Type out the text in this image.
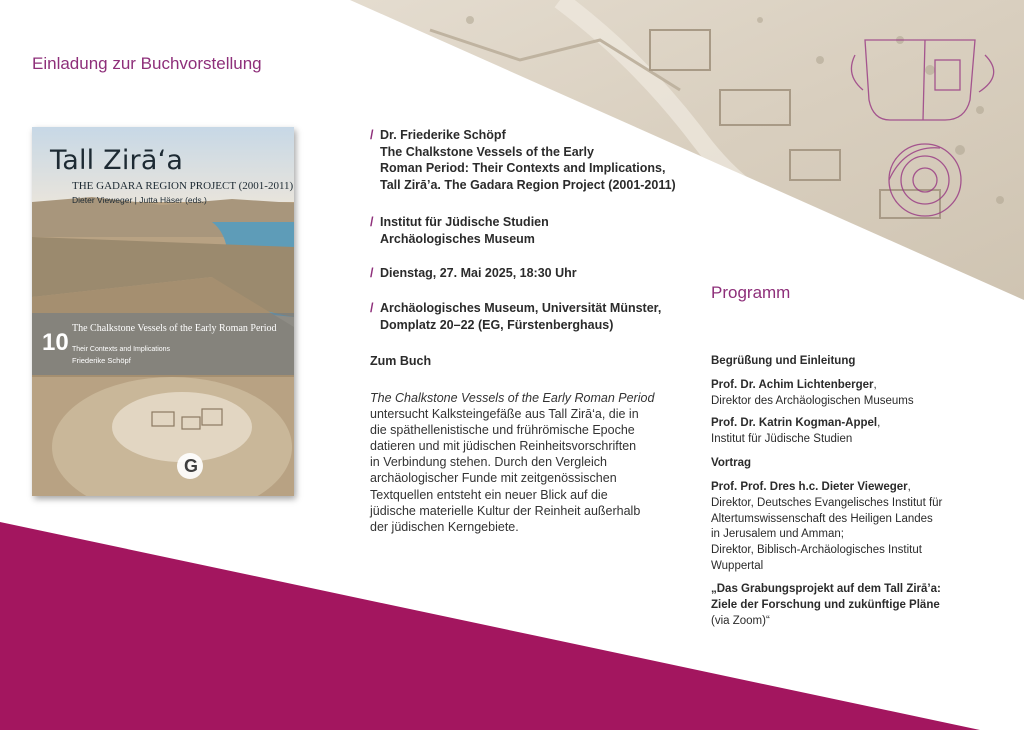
Einladung zur Buchvorstellung
Tall Zirā‘a
THE GADARA REGION PROJECT (2001-2011)
Dieter Vieweger | Jutta Häser (eds.)
10
The Chalkstone Vessels of the Early Roman Period
Their Contexts and Implications
Friederike Schöpf
G
/ Dr. Friederike Schöpf
The Chalkstone Vessels of the Early
Roman Period: Their Contexts and Implications,
Tall Zirā’a. The Gadara Region Project (2001-2011)
/ Institut für Jüdische Studien
Archäologisches Museum
/ Dienstag, 27. Mai 2025, 18:30 Uhr
/ Archäologisches Museum, Universität Münster,
Domplatz 20–22 (EG, Fürstenberghaus)
Zum Buch
The Chalkstone Vessels of the Early Roman Period
untersucht Kalksteingefäße aus Tall Zirā‘a, die in
die späthellenistische und frührömische Epoche
datieren und mit jüdischen Reinheitsvorschriften
in Verbindung stehen. Durch den Vergleich
archäologischer Funde mit zeitgenössischen
Textquellen entsteht ein neuer Blick auf die
jüdische materielle Kultur der Reinheit außerhalb
der jüdischen Kerngebiete.
Programm
Begrüßung und Einleitung
Prof. Dr. Achim Lichtenberger,
Direktor des Archäologischen Museums
Prof. Dr. Katrin Kogman-Appel,
Institut für Jüdische Studien
Vortrag
Prof. Prof. Dres h.c. Dieter Vieweger,
Direktor, Deutsches Evangelisches Institut für
Altertumswissenschaft des Heiligen Landes
in Jerusalem und Amman;
Direktor, Biblisch-Archäologisches Institut
Wuppertal
„Das Grabungsprojekt auf dem Tall Zirā’a:
Ziele der Forschung und zukünftige Pläne
(via Zoom)“
